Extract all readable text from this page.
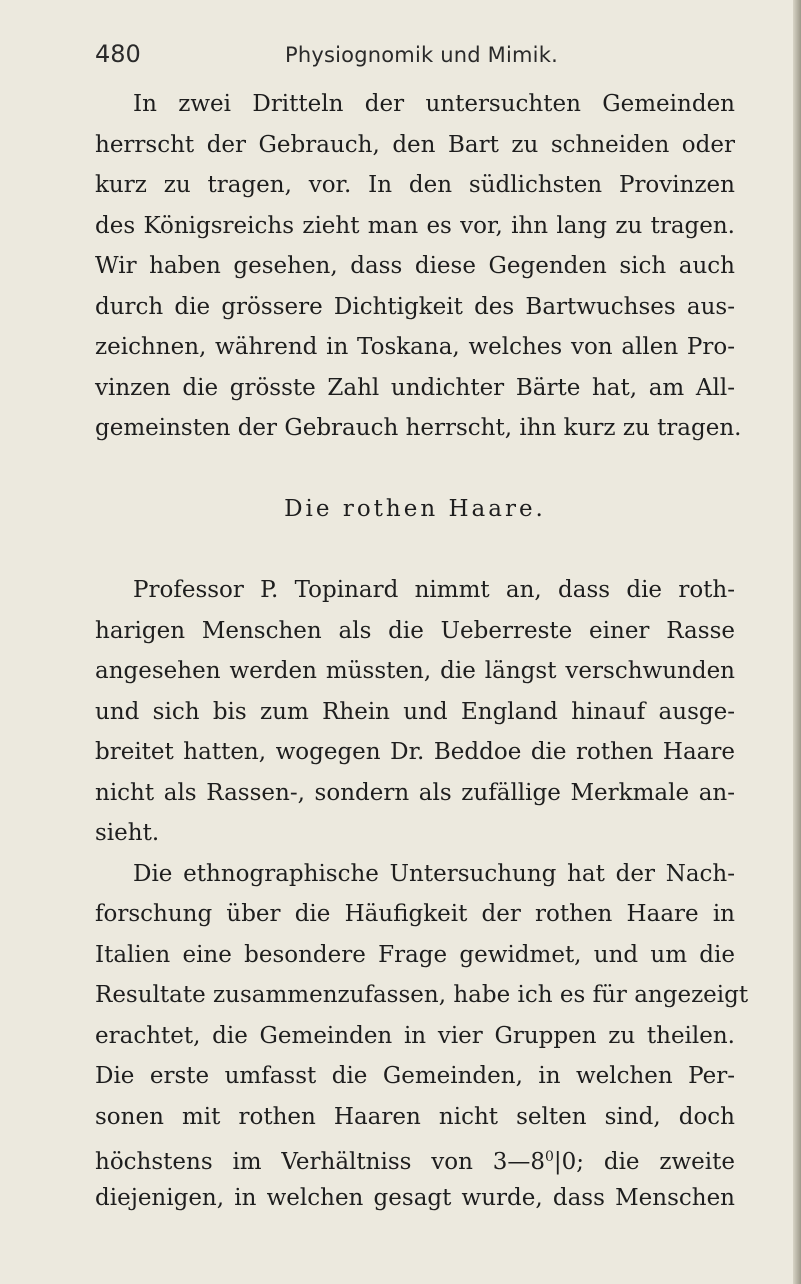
480	Physiognomik und Mimik.
In zwei Dritteln der untersuchten Gemeinden
herrscht der Gebrauch, den Bart zu schneiden oder
kurz zu tragen, vor. In den südlichsten Provinzen
des Königsreichs zieht man es vor, ihn lang zu tragen.
Wir haben gesehen, dass diese Gegenden sich auch
durch die grössere Dichtigkeit des Bartwuchses aus-
zeichnen, während in Toskana, welches von allen Pro-
vinzen die grösste Zahl undichter Bärte hat, am All-
gemeinsten der Gebrauch herrscht, ihn kurz zu tragen.
Die rothen Haare.
Professor P. Topinard nimmt an, dass die roth-
harigen Menschen als die Ueberreste einer Rasse
angesehen werden müssten, die längst verschwunden
und sich bis zum Rhein und England hinauf ausge-
breitet hatten, wogegen Dr. Beddoe die rothen Haare
nicht als Rassen-, sondern als zufällige Merkmale an-
sieht.
Die ethnographische Untersuchung hat der Nach-
forschung über die Häufigkeit der rothen Haare in
Italien eine besondere Frage gewidmet, und um die
Resultate zusammenzufassen, habe ich es für angezeigt
erachtet, die Gemeinden in vier Gruppen zu theilen.
Die erste umfasst die Gemeinden, in welchen Per-
sonen mit rothen Haaren nicht selten sind, doch
höchstens im Verhältniss von $3—8^0|0$; die zweite
diejenigen, in welchen gesagt wurde, dass Menschen
